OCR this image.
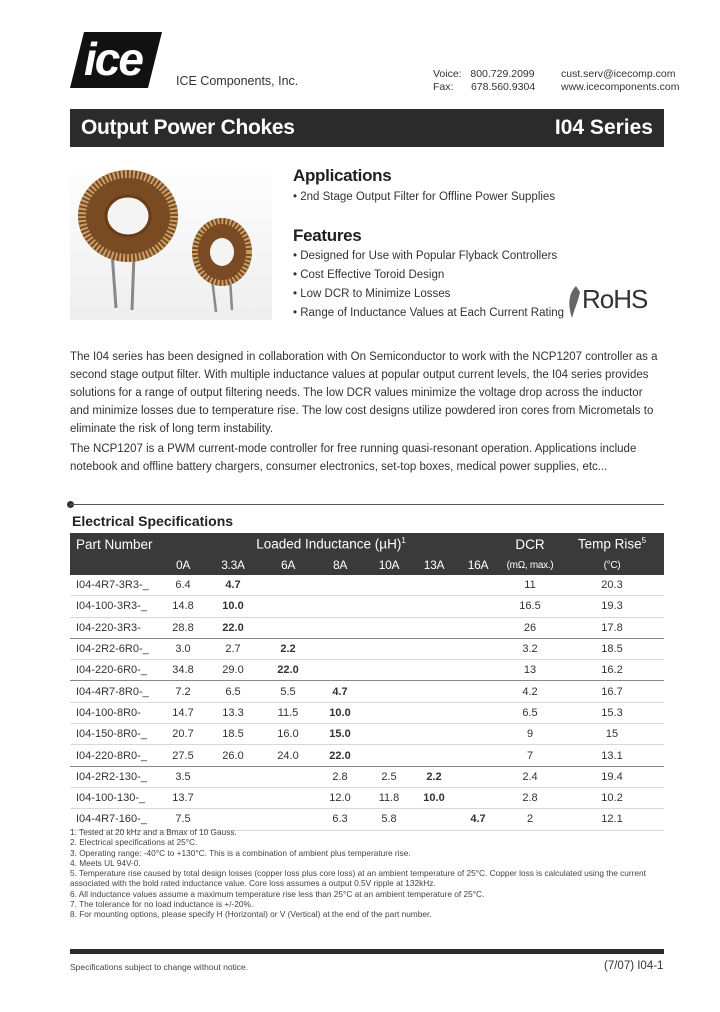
ice	ICE Components, Inc.	Voice: 800.729.2099
Fax: 678.560.9304
cust.serv@icecomp.com
www.icecomponents.com
Output Power Chokes	I04 Series
Applications
• 2nd Stage Output Filter for Offline Power Supplies
Features
• Designed for Use with Popular Flyback Controllers
• Cost Effective Toroid Design
• Low DCR to Minimize Losses
• Range of Inductance Values at Each Current Rating RoHS

The I04 series has been designed in collaboration with On Semiconductor to work with the NCP1207 controller as a second stage output filter. With multiple inductance values at popular output current levels, the I04 series provides solutions for a range of output filtering needs. The low DCR values minimize the voltage drop across the inductor and minimize losses due to temperature rise. The low cost designs utilize powdered iron cores from Micrometals to eliminate the risk of long term instability.

The NCP1207 is a PWM current-mode controller for free running quasi-resonant operation. Applications include notebook and offline battery chargers, consumer electronics, set-top boxes, medical power supplies, etc...

Electrical Specifications
Part Number	Loaded Inductance $(\mu H)^1$							DCR	Temp Rise$^5$
	0A	3.3A	6A	8A	10A	13A	16A	(mΩ, max.)	(°C)
I04-4R7-3R3-_	6.4	4.7						11	20.3
I04-100-3R3-_	14.8	10.0						16.5	19.3
I04-220-3R3-	28.8	22.0						26	17.8
I04-2R2-6R0-_	3.0	2.7	2.2					3.2	18.5
I04-220-6R0-_	34.8	29.0	22.0					13	16.2
I04-4R7-8R0-_	7.2	6.5	5.5	4.7				4.2	16.7
I04-100-8R0-	14.7	13.3	11.5	10.0				6.5	15.3
I04-150-8R0-_	20.7	18.5	16.0	15.0				9	15
I04-220-8R0-_	27.5	26.0	24.0	22.0				7	13.1
I04-2R2-130-_	3.5			2.8	2.5	2.2		2.4	19.4
I04-100-130-_	13.7			12.0	11.8	10.0		2.8	10.2
I04-4R7-160-_	7.5			6.3	5.8		4.7	2	12.1
1. Tested at 20 kHz and a Bmax of 10 Gauss.
2. Electrical specifications at 25°C.
3. Operating range: -40°C to +130°C. This is a combination of ambient plus temperature rise.
4. Meets UL 94V-0.
5. Temperature rise caused by total design losses (copper loss plus core loss) at an ambient temperature of 25°C. Copper loss is calculated using the current associated with the bold rated inductance value. Core loss assumes a output 0.5V ripple at 132kHz.
6. All inductance values assume a maximum temperature rise less than 25°C at an ambient temperature of 25°C.
7. The tolerance for no load inductance is +/-20%.
8. For mounting options, please specify H (Horizontal) or V (Vertical) at the end of the part number.
Specifications subject to change without notice.	(7/07) I04-1
